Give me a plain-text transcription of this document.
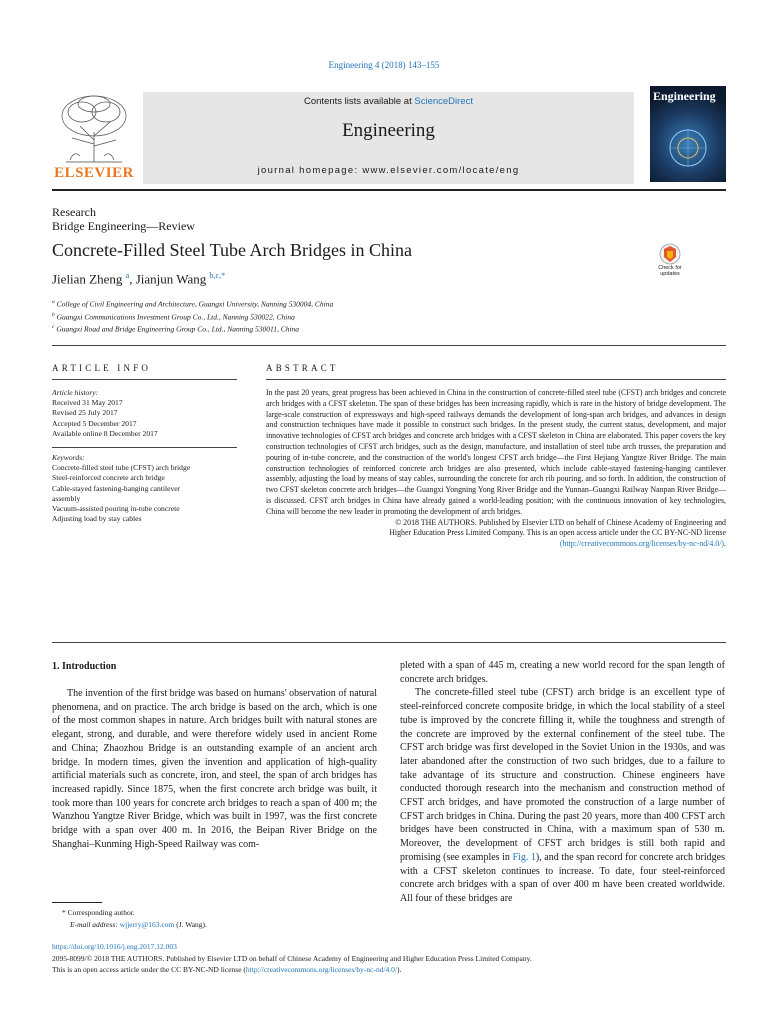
Engineering 4 (2018) 143–155
ELSEVIER
Contents lists available at ScienceDirect
Engineering
journal homepage: www.elsevier.com/locate/eng
Engineering
Research
Bridge Engineering—Review
Concrete-Filled Steel Tube Arch Bridges in China
Jielian Zheng $^a$, Jianjun Wang $^{b,c,*}$
Check for updates
$^a$ College of Civil Engineering and Architecture, Guangxi University, Nanning 530004, China
$^b$ Guangxi Communications Investment Group Co., Ltd., Nanning 530022, China
$^c$ Guangxi Road and Bridge Engineering Group Co., Ltd., Nanning 530011, China
ARTICLE INFO	ABSTRACT
Article history:
Received 31 May 2017
Revised 25 July 2017
Accepted 5 December 2017
Available online 8 December 2017
Keywords:
Concrete-filled steel tube (CFST) arch bridge
Steel-reinforced concrete arch bridge
Cable-stayed fastening-hanging cantilever
assembly
Vacuum-assisted pouring in-tube concrete
Adjusting load by stay cables

In the past 20 years, great progress has been achieved in China in the construction of concrete-filled steel tube (CFST) arch bridges and concrete arch bridges with a CFST skeleton. The span of these bridges has been increasing rapidly, which is rare in the history of bridge development. The large-scale construction of expressways and high-speed railways demands the development of long-span arch bridges, and advances in design and construction techniques have made it possible to construct such bridges. In the present study, the current status, development, and major innovative technologies of CFST arch bridges and concrete arch bridges with a CFST skeleton in China are elaborated. This paper covers the key construction technologies of CFST arch bridges, such as the design, manufacture, and installation of steel tube arch trusses, the preparation and pouring of in-tube concrete, and the construction of the world's longest CFST arch bridge—the First Hejiang Yangtze River Bridge. The main construction technologies of reinforced concrete arch bridges are also presented, which include cable-stayed fastening-hanging cantilever assembly, adjusting the load by means of stay cables, surrounding the concrete for arch rib pouring, and so forth. In addition, the construction of two CFST skeleton concrete arch bridges—the Guangxi Yongning Yong River Bridge and the Yunnan–Guangxi Railway Nanpan River Bridge—is discussed. CFST arch bridges in China have already gained a world-leading position; with the continuous innovation of key technologies, China will become the new leader in promoting the development of arch bridges.

© 2018 THE AUTHORS. Published by Elsevier LTD on behalf of Chinese Academy of Engineering and
Higher Education Press Limited Company. This is an open access article under the CC BY-NC-ND license
(http://creativecommons.org/licenses/by-nc-nd/4.0/).
1. Introduction

The invention of the first bridge was based on humans' observation of natural phenomena, and on practice. The arch bridge is based on the arch, which is one of the most common shapes in nature. Arch bridges built with natural stones are elegant, strong, and durable, and were therefore widely used in ancient Rome and China; Zhaozhou Bridge is an outstanding example of an ancient arch bridge. In modern times, given the invention and application of high-quality artificial materials such as concrete, iron, and steel, the span of arch bridges has increased rapidly. Since 1875, when the first concrete arch bridge was built, it took more than 100 years for concrete arch bridges to reach a span of 400 m; the Wanzhou Yangtze River Bridge, which was built in 1997, was the first concrete bridge with a span over 400 m. In 2016, the Beipan River Bridge on the Shanghai–Kunming High-Speed Railway was com-

pleted with a span of 445 m, creating a new world record for the span length of concrete arch bridges.

The concrete-filled steel tube (CFST) arch bridge is an excellent type of steel-reinforced concrete composite bridge, in which the local stability of a steel tube is improved by the concrete filling it, while the toughness and strength of the concrete are improved by the external confinement of the steel tube. The CFST arch bridge was first developed in the Soviet Union in the 1930s, and was later abandoned after the construction of two such bridges, due to a failure to take advantage of its structure and construction. Chinese engineers have conducted thorough research into the mechanism and construction method of CFST arch bridges, and have promoted the construction of a large number of CFST arch bridges in China. During the past 20 years, more than 400 CFST arch bridges have been constructed in China, with a maximum span of 530 m. Moreover, the development of CFST arch bridges is still both rapid and promising (see examples in Fig. 1), and the span record for concrete arch bridges with a CFST skeleton continues to increase. To date, four steel-reinforced concrete arch bridges with a span of over 400 m have been created worldwide. All four of these bridges are

* Corresponding author.
E-mail address: wjjerry@163.com (J. Wang).
https://doi.org/10.1016/j.eng.2017.12.003
2095-8099/© 2018 THE AUTHORS. Published by Elsevier LTD on behalf of Chinese Academy of Engineering and Higher Education Press Limited Company.
This is an open access article under the CC BY-NC-ND license (http://creativecommons.org/licenses/by-nc-nd/4.0/).
